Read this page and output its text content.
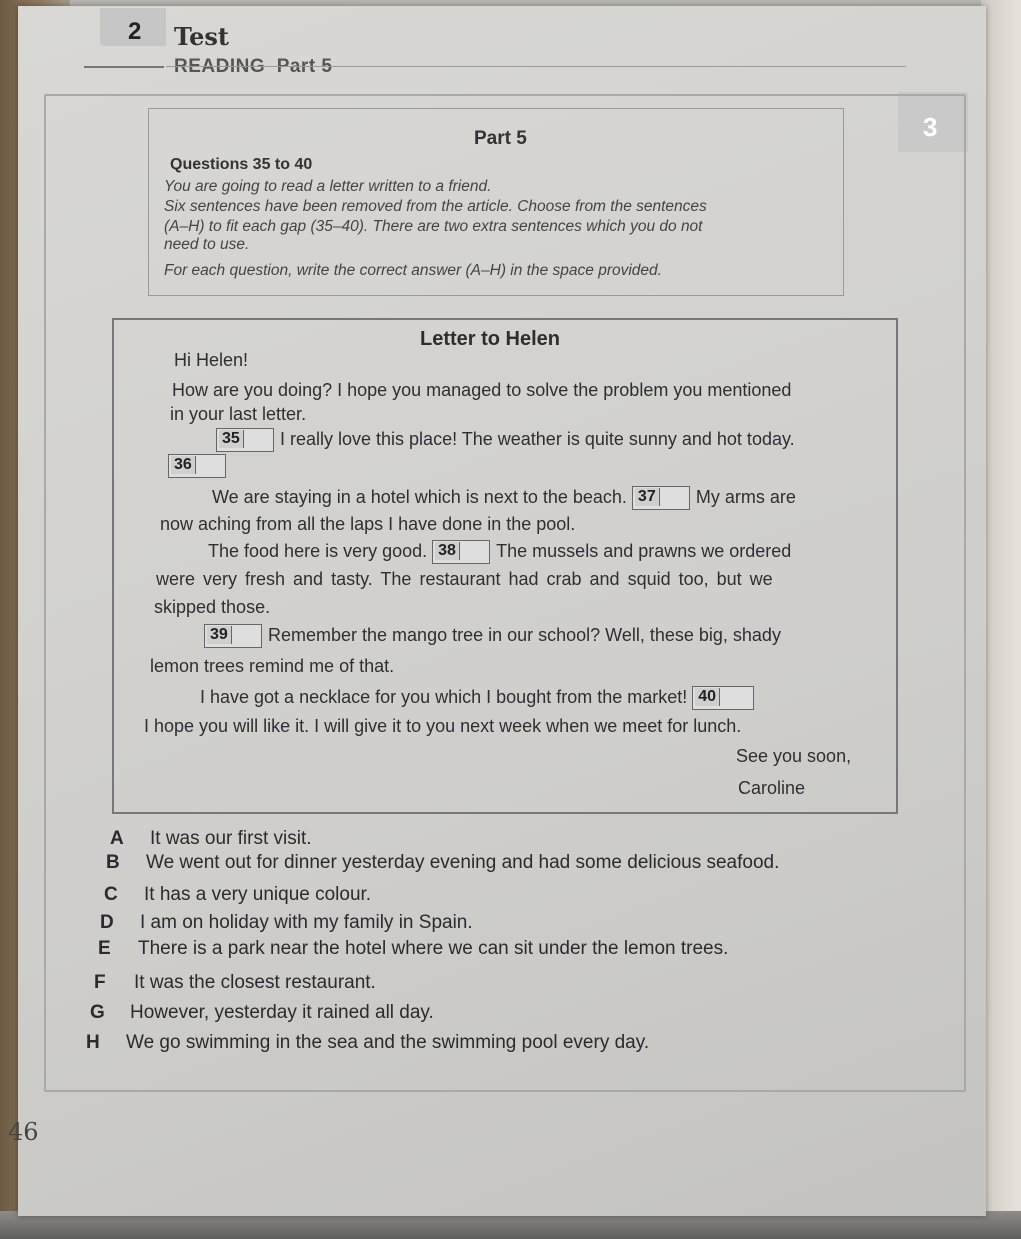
2 Test
READING Part 5
3
Part 5
Questions 35 to 40
You are going to read a letter written to a friend.
Six sentences have been removed from the article. Choose from the sentences
(A–H) to fit each gap (35–40). There are two extra sentences which you do not
need to use.
For each question, write the correct answer (A–H) in the space provided.
Letter to Helen
Hi Helen!
How are you doing? I hope you managed to solve the problem you mentioned
in your last letter.
35 I really love this place! The weather is quite sunny and hot today.
36
We are staying in a hotel which is next to the beach. 37 My arms are
now aching from all the laps I have done in the pool.
The food here is very good. 38 The mussels and prawns we ordered
were very fresh and tasty. The restaurant had crab and squid too, but we
skipped those.
39 Remember the mango tree in our school? Well, these big, shady
lemon trees remind me of that.
I have got a necklace for you which I bought from the market! 40
I hope you will like it. I will give it to you next week when we meet for lunch.
See you soon,
Caroline
A It was our first visit.
B We went out for dinner yesterday evening and had some delicious seafood.
C It has a very unique colour.
D I am on holiday with my family in Spain.
E There is a park near the hotel where we can sit under the lemon trees.
F It was the closest restaurant.
G However, yesterday it rained all day.
H We go swimming in the sea and the swimming pool every day.
46
